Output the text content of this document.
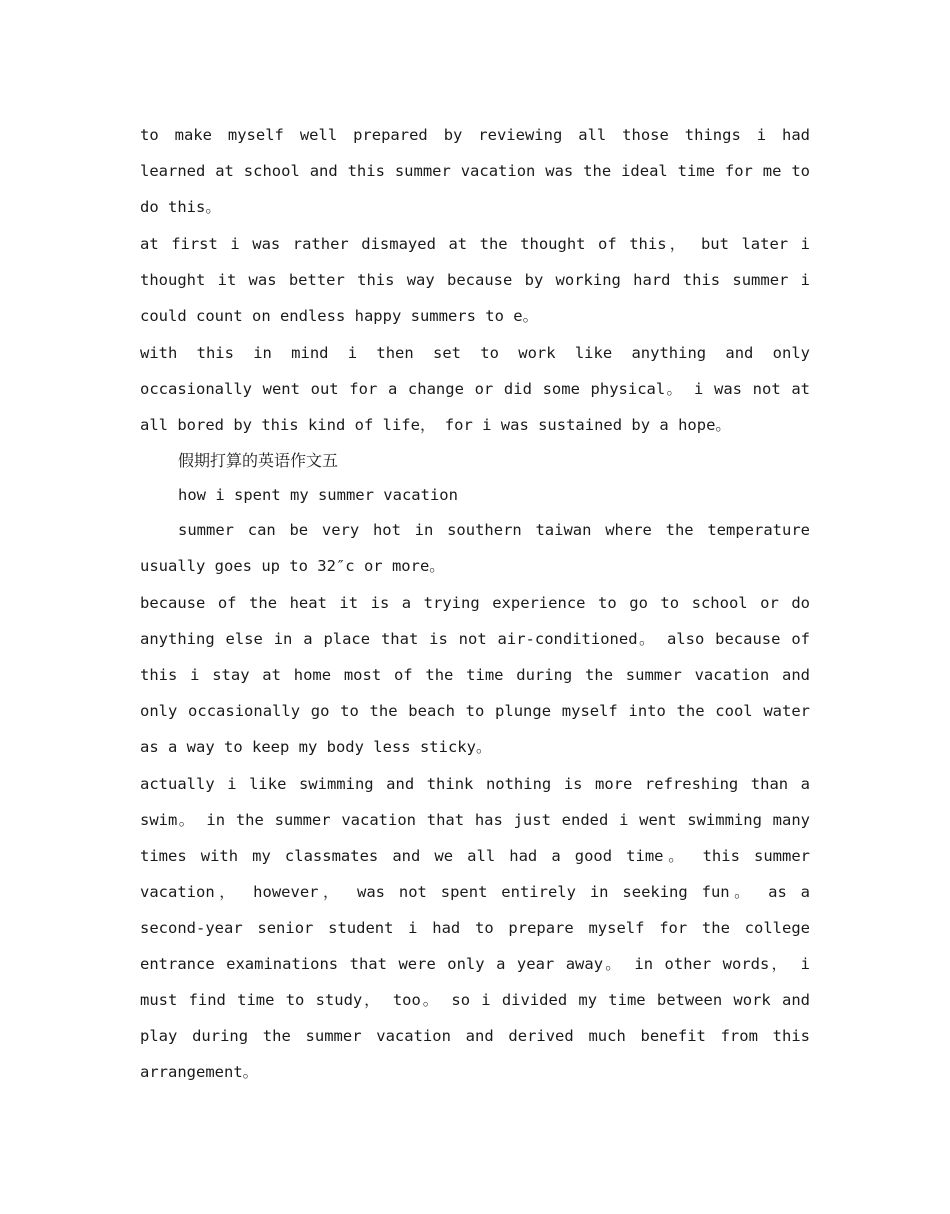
to make myself well prepared by reviewing all those things i had learned at school and this summer vacation was the ideal time for me to do this。

at first i was rather dismayed at the thought of this， but later i thought it was better this way because by working hard this summer i could count on endless happy summers to e。

with this in mind i then set to work like anything and only occasionally went out for a change or did some physical。 i was not at all bored by this kind of life， for i was sustained by a hope。

假期打算的英语作文五

how i spent my summer vacation

summer can be very hot in southern taiwan where the temperature usually goes up to 32″c or more。

because of the heat it is a trying experience to go to school or do anything else in a place that is not air-conditioned。 also because of this i stay at home most of the time during the summer vacation and only occasionally go to the beach to plunge myself into the cool water as a way to keep my body less sticky。

actually i like swimming and think nothing is more refreshing than a swim。 in the summer vacation that has just ended i went swimming many times with my classmates and we all had a good time。 this summer vacation， however， was not spent entirely in seeking fun。 as a second-year senior student i had to prepare myself for the college entrance examinations that were only a year away。 in other words， i must find time to study， too。 so i divided my time between work and play during the summer vacation and derived much benefit from this arrangement。
